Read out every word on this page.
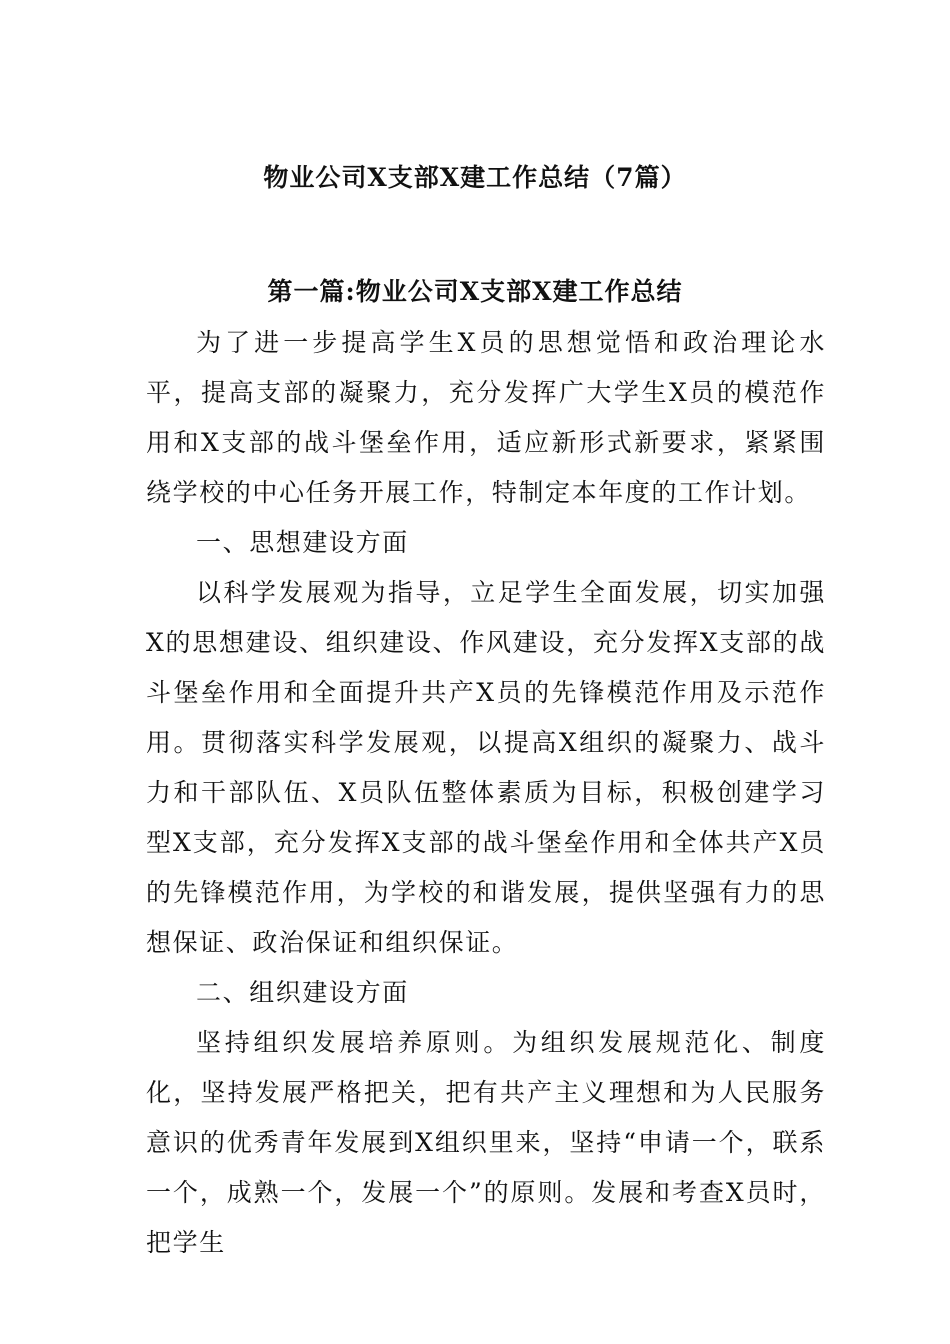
物业公司X支部X建工作总结（7篇）
第一篇:物业公司X支部X建工作总结

为了进一步提高学生X员的思想觉悟和政治理论水平，提高支部的凝聚力，充分发挥广大学生X员的模范作用和X支部的战斗堡垒作用，适应新形式新要求，紧紧围绕学校的中心任务开展工作，特制定本年度的工作计划。

一、思想建设方面

以科学发展观为指导，立足学生全面发展，切实加强X的思想建设、组织建设、作风建设，充分发挥X支部的战斗堡垒作用和全面提升共产X员的先锋模范作用及示范作用。贯彻落实科学发展观，以提高X组织的凝聚力、战斗力和干部队伍、X员队伍整体素质为目标，积极创建学习型X支部，充分发挥X支部的战斗堡垒作用和全体共产X员的先锋模范作用，为学校的和谐发展，提供坚强有力的思想保证、政治保证和组织保证。

二、组织建设方面

坚持组织发展培养原则。为组织发展规范化、制度化，坚持发展严格把关，把有共产主义理想和为人民服务意识的优秀青年发展到X组织里来，坚持“申请一个，联系一个，成熟一个，发展一个”的原则。发展和考查X员时，把学生
